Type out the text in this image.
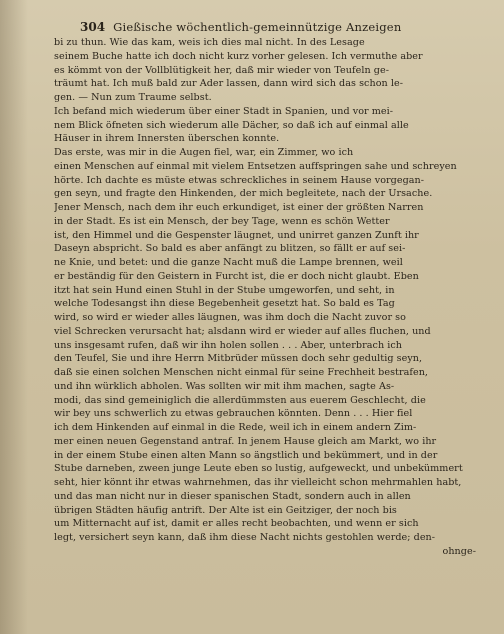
304 Gießische wöchentlich-gemeinnützige Anzeigen
bi zu thun. Wie das kam, weis ich dies mal nicht. In des Lesage
seinem Buche hatte ich doch nicht kurz vorher gelesen. Ich vermuthe aber
es kömmt von der Vollblütigkeit her, daß mir wieder von Teufeln ge-
träumt hat. Ich muß bald zur Ader lassen, dann wird sich das schon le-
gen. — Nun zum Traume selbst.
Ich befand mich wiederum über einer Stadt in Spanien, und vor mei-
nem Blick öfneten sich wiederum alle Dächer, so daß ich auf einmal alle
Häuser in ihrem Innersten überschen konnte.
Das erste, was mir in die Augen fiel, war, ein Zimmer, wo ich
einen Menschen auf einmal mit vielem Entsetzen auffspringen sahe und schreyen
hörte. Ich dachte es müste etwas schreckliches in seinem Hause vorgegan-
gen seyn, und fragte den Hinkenden, der mich begleitete, nach der Ursache.
Jener Mensch, nach dem ihr euch erkundiget, ist einer der größten Narren
in der Stadt. Es ist ein Mensch, der bey Tage, wenn es schön Wetter
ist, den Himmel und die Gespenster läugnet, und unirret ganzen Zunft ihr
Daseyn abspricht. So bald es aber anfängt zu blitzen, so fällt er auf sei-
ne Knie, und betet: und die ganze Nacht muß die Lampe brennen, weil
er beständig für den Geistern in Furcht ist, die er doch nicht glaubt. Eben
itzt hat sein Hund einen Stuhl in der Stube umgeworfen, und seht, in
welche Todesangst ihn diese Begebenheit gesetzt hat. So bald es Tag
wird, so wird er wieder alles läugnen, was ihm doch die Nacht zuvor so
viel Schrecken verursacht hat; alsdann wird er wieder auf alles fluchen, und
uns insgesamt rufen, daß wir ihn holen sollen . . . Aber, unterbrach ich
den Teufel, Sie und ihre Herrn Mitbrüder müssen doch sehr gedultig seyn,
daß sie einen solchen Menschen nicht einmal für seine Frechheit bestrafen,
und ihn würklich abholen. Was sollten wir mit ihm machen, sagte As-
modi, das sind gemeiniglich die allerdümmsten aus euerem Geschlecht, die
wir bey uns schwerlich zu etwas gebrauchen könnten. Denn . . . Hier fiel
ich dem Hinkenden auf einmal in die Rede, weil ich in einem andern Zim-
mer einen neuen Gegenstand antraf. In jenem Hause gleich am Markt, wo ihr
in der einem Stube einen alten Mann so ängstlich und bekümmert, und in der
Stube darneben, zween junge Leute eben so lustig, aufgeweckt, und unbekümmert
seht, hier könnt ihr etwas wahrnehmen, das ihr vielleicht schon mehrmahlen habt,
und das man nicht nur in dieser spanischen Stadt, sondern auch in allen
übrigen Städten häufig antrift. Der Alte ist ein Geitziger, der noch bis
um Mitternacht auf ist, damit er alles recht beobachten, und wenn er sich
legt, versichert seyn kann, daß ihm diese Nacht nichts gestohlen werde; den-
ohnge-
